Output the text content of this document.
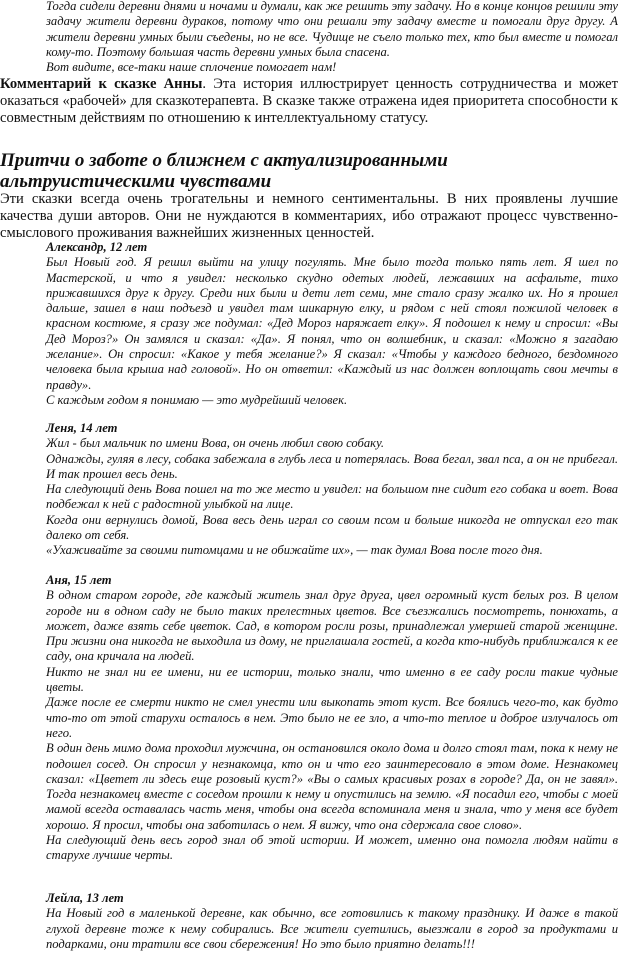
Тогда сидели деревни днями и ночами и думали, как же решить эту задачу. Но в конце концов решили эту задачу жители деревни дураков, потому что они решали эту задачу вместе и помогали друг другу. А жители деревни умных были съедены, но не все. Чудище не съело только тех, кто был вместе и помогал кому-то. Поэтому большая часть деревни умных была спасена.

Вот видите, все-таки наше сплочение помогает нам!

Комментарий к сказке Анны. Эта история иллюстрирует ценность сотрудничества и может оказаться «рабочей» для сказкотерапевта. В сказке также отражена идея приоритета способности к совместным действиям по отношению к интеллектуальному статусу.

Притчи о заботе о ближнем с актуализированными альтруистическими чувствами

Эти сказки всегда очень трогательны и немного сентиментальны. В них проявлены лучшие качества души авторов. Они не нуждаются в комментариях, ибо отражают процесс чувственно-смыслового проживания важнейших жизненных ценностей.

Александр, 12 лет

Был Новый год. Я решил выйти на улицу погулять. Мне было тогда только пять лет. Я шел по Мастерской, и что я увидел: несколько скудно одетых людей, лежавших на асфальте, тихо прижавшихся друг к другу. Среди них были и дети лет семи, мне стало сразу жалко их. Но я прошел дальше, зашел в наш подъезд и увидел там шикарную елку, и рядом с ней стоял пожилой человек в красном костюме, я сразу же подумал: «Дед Мороз наряжает елку». Я подошел к нему и спросил: «Вы Дед Мороз?» Он замялся и сказал: «Да». Я понял, что он волшебник, и сказал: «Можно я загадаю желание». Он спросил: «Какое у тебя желание?» Я сказал: «Чтобы у каждого бедного, бездомного человека была крыша над головой». Но он ответил: «Каждый из нас должен воплощать свои мечты в правду».

С каждым годом я понимаю — это мудрейший человек.

Леня, 14 лет

Жил - был мальчик по имени Вова, он очень любил свою собаку.

Однажды, гуляя в лесу, собака забежала в глубь леса и потерялась. Вова бегал, звал пса, а он не прибегал. И так прошел весь день.

На следующий день Вова пошел на то же место и увидел: на большом пне сидит его собака и воет. Вова подбежал к ней с радостной улыбкой на лице.

Когда они вернулись домой, Вова весь день играл со своим псом и больше никогда не отпускал его так далеко от себя.

«Ухаживайте за своими питомцами и не обижайте их», — так думал Вова после того дня.

Аня, 15 лет

В одном старом городе, где каждый житель знал друг друга, цвел огромный куст белых роз. В целом городе ни в одном саду не было таких прелестных цветов. Все съезжались посмотреть, понюхать, а может, даже взять себе цветок. Сад, в котором росли розы, принадлежал умершей старой женщине. При жизни она никогда не выходила из дому, не приглашала гостей, а когда кто-нибудь приближался к ее саду, она кричала на людей.

Никто не знал ни ее имени, ни ее истории, только знали, что именно в ее саду росли такие чудные цветы.

Даже после ее смерти никто не смел унести или выкопать этот куст. Все боялись чего-то, как будто что-то от этой старухи осталось в нем. Это было не ее зло, а что-то теплое и доброе излучалось от него.

В один день мимо дома проходил мужчина, он остановился около дома и долго стоял там, пока к нему не подошел сосед. Он спросил у незнакомца, кто он и что его заинтересовало в этом доме. Незнакомец сказал: «Цветет ли здесь еще розовый куст?» «Вы о самых красивых розах в городе? Да, он не завял». Тогда незнакомец вместе с соседом прошли к нему и опустились на землю. «Я посадил его, чтобы с моей мамой всегда оставалась часть меня, чтобы она всегда вспоминала меня и знала, что у меня все будет хорошо. Я просил, чтобы она заботилась о нем. Я вижу, что она сдержала свое слово».

На следующий день весь город знал об этой истории. И может, именно она помогла людям найти в старухе лучшие черты.

Лейла, 13 лет

На Новый год в маленькой деревне, как обычно, все готовились к такому празднику. И даже в такой глухой деревне тоже к нему собирались. Все жители суетились, выезжали в город за продуктами и подарками, они тратили все свои сбережения! Но это было приятно делать!!!
